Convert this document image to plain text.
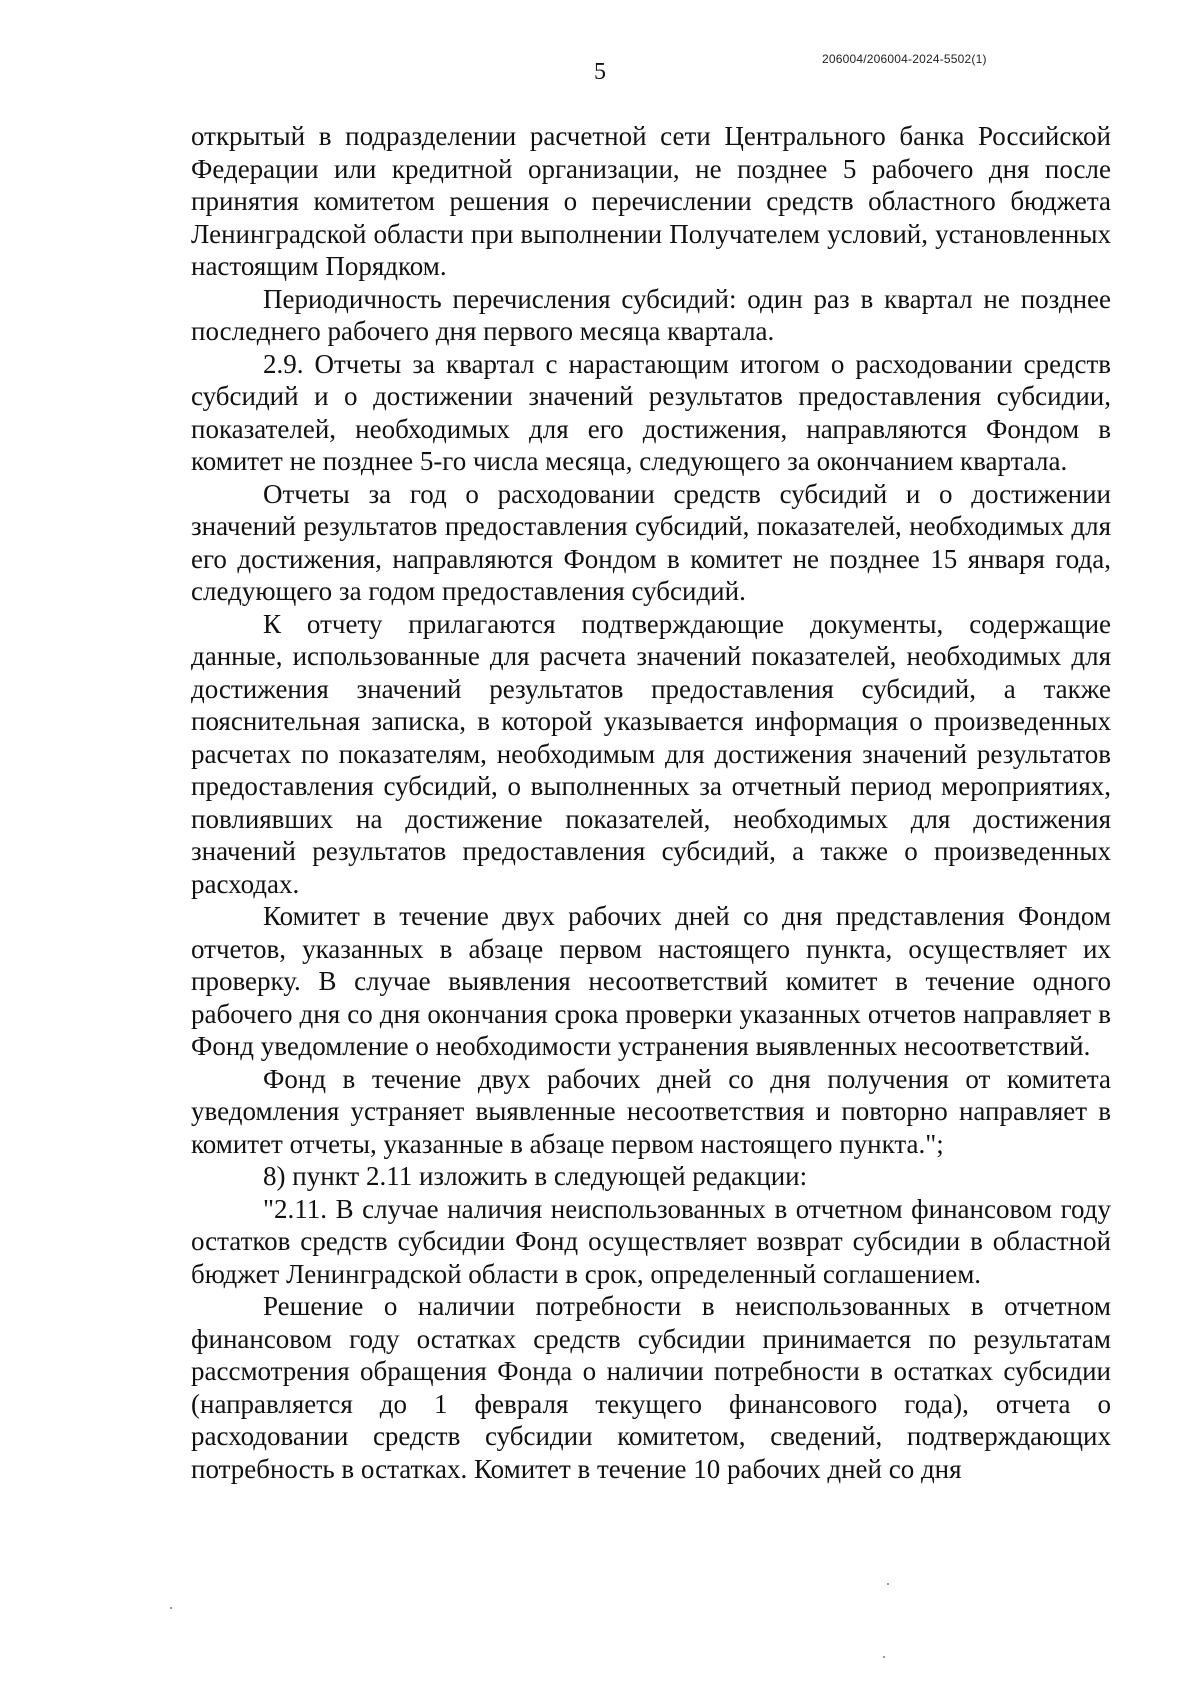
206004/206004-2024-5502(1)
5

открытый в подразделении расчетной сети Центрального банка Российской Федерации или кредитной организации, не позднее 5 рабочего дня после принятия комитетом решения о перечислении средств областного бюджета Ленинградской области при выполнении Получателем условий, установленных настоящим Порядком.

Периодичность перечисления субсидий: один раз в квартал не позднее последнего рабочего дня первого месяца квартала.

2.9. Отчеты за квартал с нарастающим итогом о расходовании средств субсидий и о достижении значений результатов предоставления субсидии, показателей, необходимых для его достижения, направляются Фондом в комитет не позднее 5-го числа месяца, следующего за окончанием квартала.

Отчеты за год о расходовании средств субсидий и о достижении значений результатов предоставления субсидий, показателей, необходимых для его достижения, направляются Фондом в комитет не позднее 15 января года, следующего за годом предоставления субсидий.

К отчету прилагаются подтверждающие документы, содержащие данные, использованные для расчета значений показателей, необходимых для достижения значений результатов предоставления субсидий, а также пояснительная записка, в которой указывается информация о произведенных расчетах по показателям, необходимым для достижения значений результатов предоставления субсидий, о выполненных за отчетный период мероприятиях, повлиявших на достижение показателей, необходимых для достижения значений результатов предоставления субсидий, а также о произведенных расходах.

Комитет в течение двух рабочих дней со дня представления Фондом отчетов, указанных в абзаце первом настоящего пункта, осуществляет их проверку. В случае выявления несоответствий комитет в течение одного рабочего дня со дня окончания срока проверки указанных отчетов направляет в Фонд уведомление о необходимости устранения выявленных несоответствий.

Фонд в течение двух рабочих дней со дня получения от комитета уведомления устраняет выявленные несоответствия и повторно направляет в комитет отчеты, указанные в абзаце первом настоящего пункта.";

8) пункт 2.11 изложить в следующей редакции:

"2.11. В случае наличия неиспользованных в отчетном финансовом году остатков средств субсидии Фонд осуществляет возврат субсидии в областной бюджет Ленинградской области в срок, определенный соглашением.

Решение о наличии потребности в неиспользованных в отчетном финансовом году остатках средств субсидии принимается по результатам рассмотрения обращения Фонда о наличии потребности в остатках субсидии (направляется до 1 февраля текущего финансового года), отчета о расходовании средств субсидии комитетом, сведений, подтверждающих потребность в остатках. Комитет в течение 10 рабочих дней со дня
